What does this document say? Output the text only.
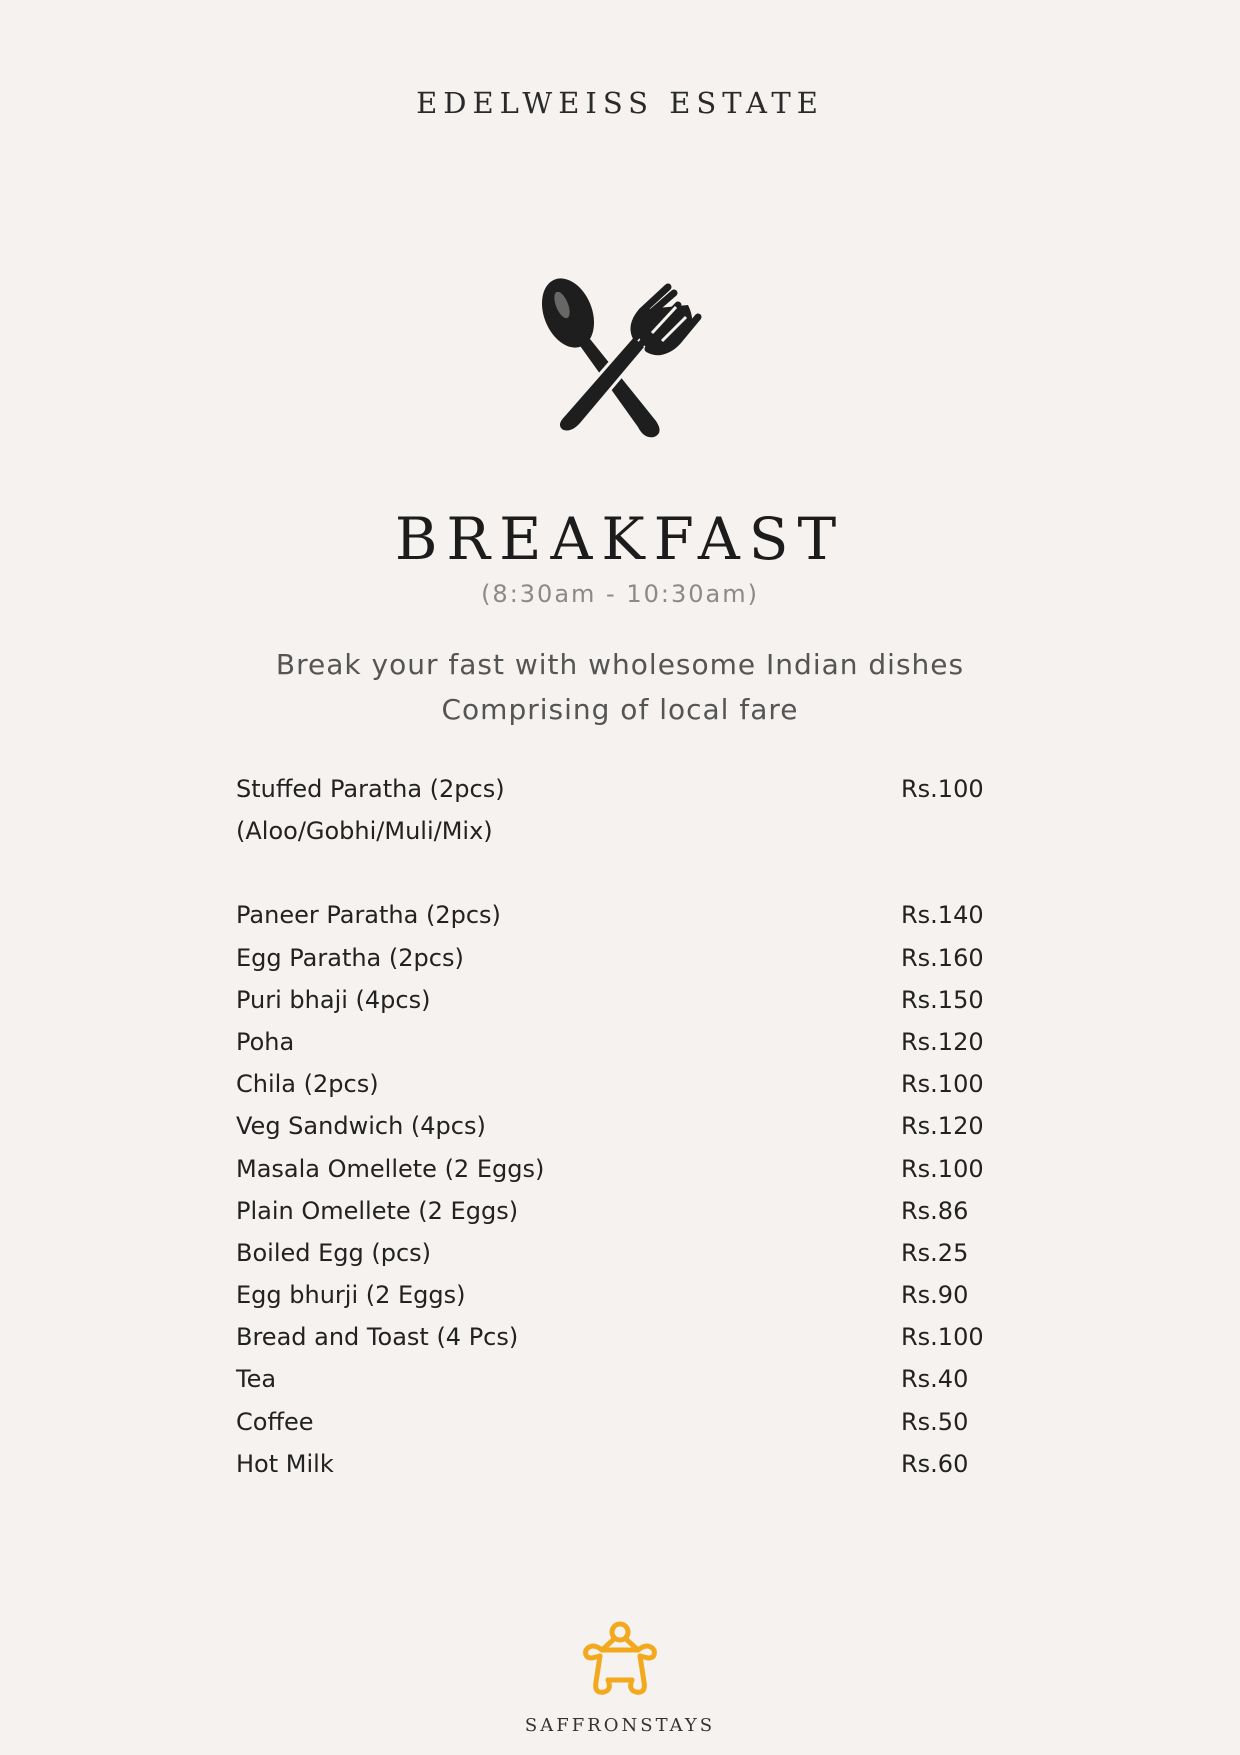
EDELWEISS ESTATE
BREAKFAST
(8:30am - 10:30am)
Break your fast with wholesome Indian dishes
Comprising of local fare
Stuffed Paratha (2pcs)	Rs.100
(Aloo/Gobhi/Muli/Mix)
Paneer Paratha (2pcs)	Rs.140
Egg Paratha (2pcs)	Rs.160
Puri bhaji (4pcs)	Rs.150
Poha	Rs.120
Chila (2pcs)	Rs.100
Veg Sandwich (4pcs)	Rs.120
Masala Omellete (2 Eggs)	Rs.100
Plain Omellete (2 Eggs)	Rs.86
Boiled Egg (pcs)	Rs.25
Egg bhurji (2 Eggs)	Rs.90
Bread and Toast (4 Pcs)	Rs.100
Tea	Rs.40
Coffee	Rs.50
Hot Milk	Rs.60
SAFFRONSTAYS
